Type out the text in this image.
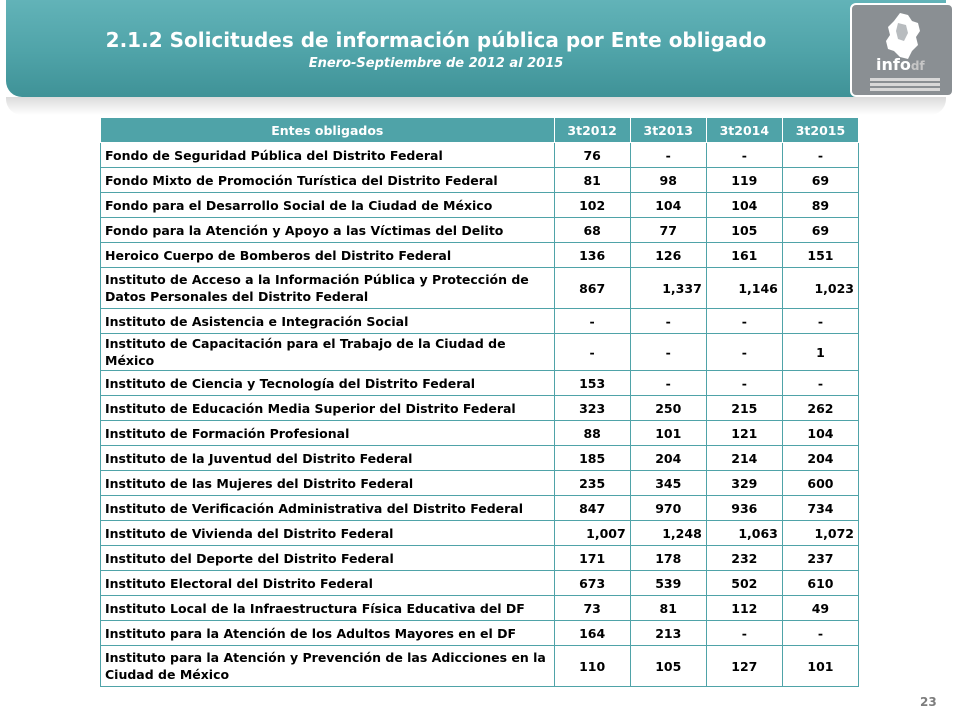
2.1.2 Solicitudes de información pública por Ente obligado
Enero-Septiembre de 2012 al 2015	infodf
Entes obligados	3t2012	3t2013	3t2014	3t2015
Fondo de Seguridad Pública del Distrito Federal	76	-	-	-
Fondo Mixto de Promoción Turística del Distrito Federal	81	98	119	69
Fondo para el Desarrollo Social de la Ciudad de México	102	104	104	89
Fondo para la Atención y Apoyo a las Víctimas del Delito	68	77	105	69
Heroico Cuerpo de Bomberos del Distrito Federal	136	126	161	151
Instituto de Acceso a la Información Pública y Protección de Datos Personales del Distrito Federal	867	1,337	1,146	1,023
Instituto de Asistencia e Integración Social	-	-	-	-
Instituto de Capacitación para el Trabajo de la Ciudad de México	-	-	-	1
Instituto de Ciencia y Tecnología del Distrito Federal	153	-	-	-
Instituto de Educación Media Superior del Distrito Federal	323	250	215	262
Instituto de Formación Profesional	88	101	121	104
Instituto de la Juventud del Distrito Federal	185	204	214	204
Instituto de las Mujeres del Distrito Federal	235	345	329	600
Instituto de Verificación Administrativa del Distrito Federal	847	970	936	734
Instituto de Vivienda del Distrito Federal	1,007	1,248	1,063	1,072
Instituto del Deporte del Distrito Federal	171	178	232	237
Instituto Electoral del Distrito Federal	673	539	502	610
Instituto Local de la Infraestructura Física Educativa del DF	73	81	112	49
Instituto para la Atención de los Adultos Mayores en el DF	164	213	-	-
Instituto para la Atención y Prevención de las Adicciones en la Ciudad de México	110	105	127	101
23
